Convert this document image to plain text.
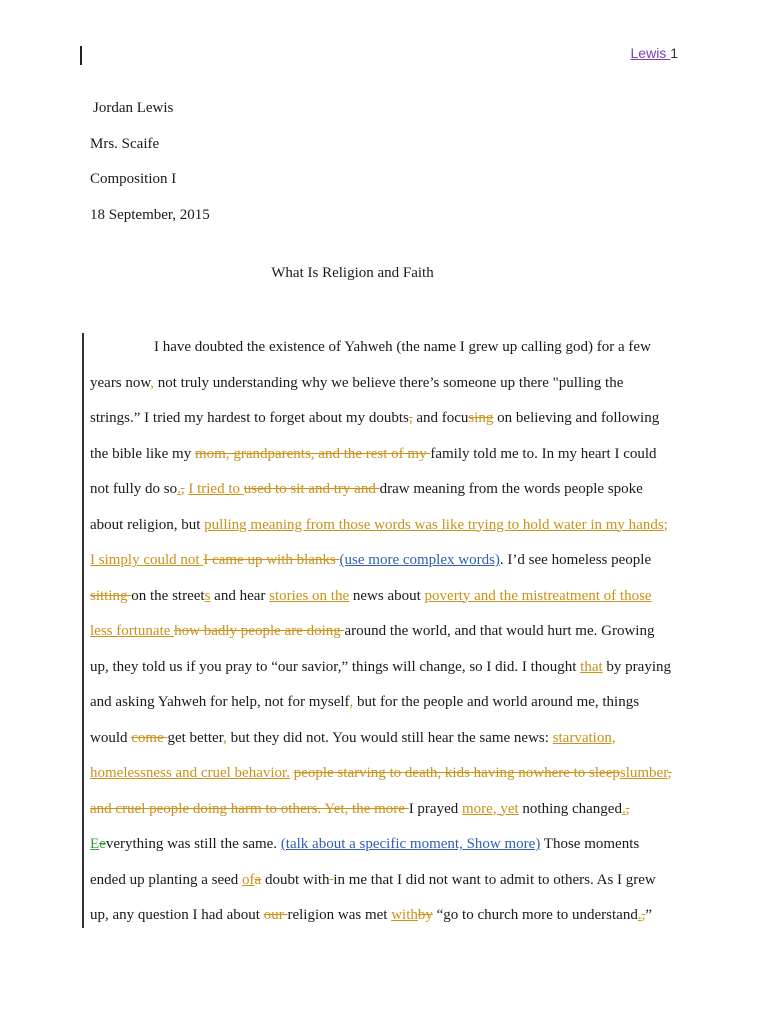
Lewis 1
Jordan Lewis
Mrs. Scaife
Composition I
18 September, 2015
What Is Religion and Faith
I have doubted the existence of Yahweh (the name I grew up calling god) for a few
years now, not truly understanding why we believe there’s someone up there "pulling the
strings.” I tried my hardest to forget about my doubts, and focusing on believing and following
the bible like my mom, grandparents, and the rest of my family told me to. In my heart I could
not fully do so., I tried to used to sit and try and draw meaning from the words people spoke
about religion, but pulling meaning from those words was like trying to hold water in my hands;
I simply could not I came up with blanks (use more complex words). I’d see homeless people
sitting on the streets and hear stories on the news about poverty and the mistreatment of those
less fortunate how badly people are doing around the world, and that would hurt me. Growing
up, they told us if you pray to “our savior,” things will change, so I did. I thought that by praying
and asking Yahweh for help, not for myself, but for the people and world around me, things
would come get better, but they did not. You would still hear the same news: starvation,
homelessness and cruel behavior. people starving to death, kids having nowhere to sleepslumber,
and cruel people doing harm to others. Yet, the more I prayed more, yet nothing changed.,
Eeverything was still the same. (talk about a specific moment, Show more) Those moments
ended up planting a seed ofa doubt with in me that I did not want to admit to others. As I grew
up, any question I had about our religion was met withby “go to church more to understand.,”
